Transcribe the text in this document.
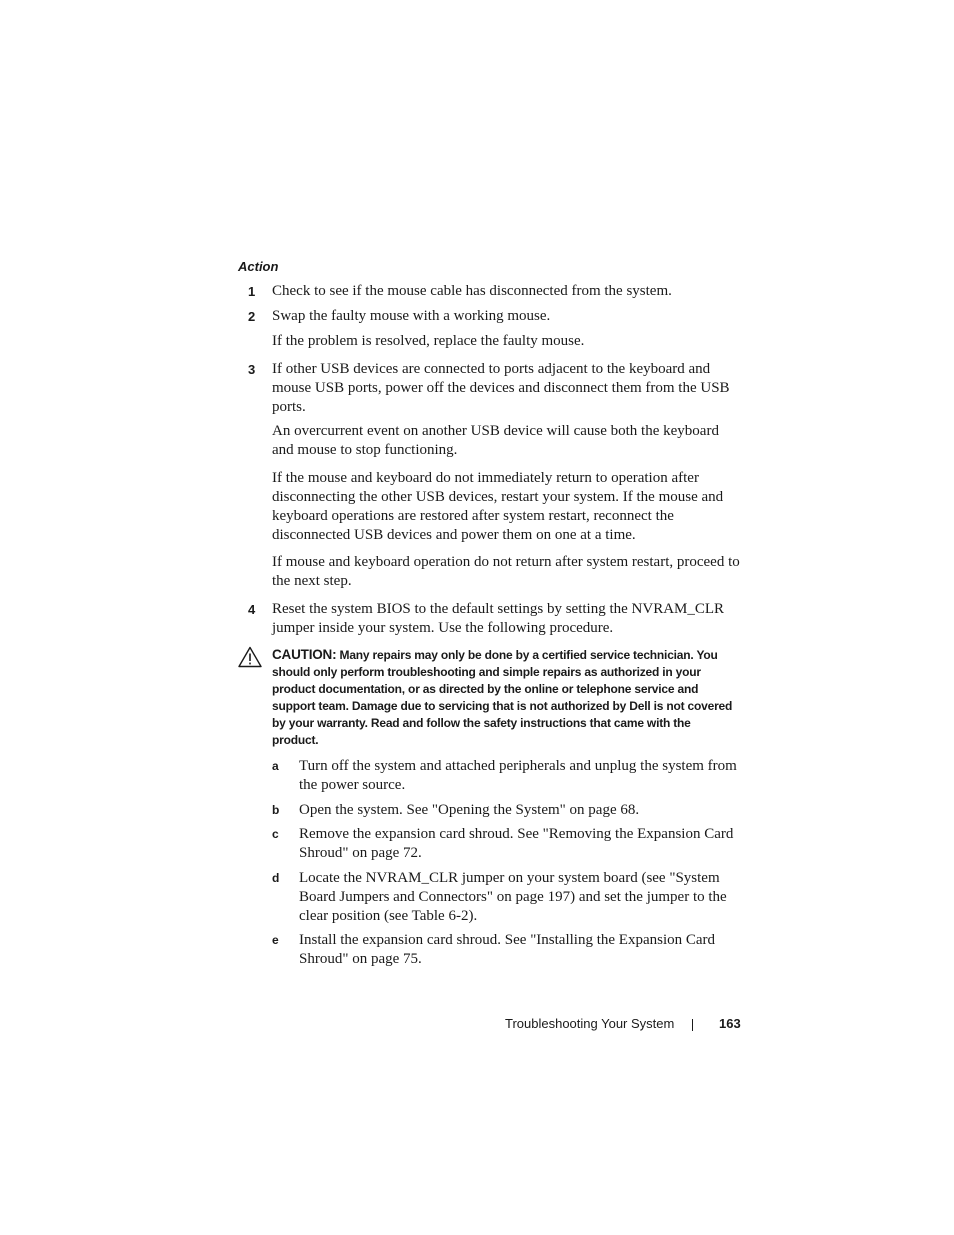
Action
1 Check to see if the mouse cable has disconnected from the system.
2 Swap the faulty mouse with a working mouse.
If the problem is resolved, replace the faulty mouse.
3 If other USB devices are connected to ports adjacent to the keyboard and mouse USB ports, power off the devices and disconnect them from the USB ports.
An overcurrent event on another USB device will cause both the keyboard and mouse to stop functioning.
If the mouse and keyboard do not immediately return to operation after disconnecting the other USB devices, restart your system. If the mouse and keyboard operations are restored after system restart, reconnect the disconnected USB devices and power them on one at a time.
If mouse and keyboard operation do not return after system restart, proceed to the next step.
4 Reset the system BIOS to the default settings by setting the NVRAM_CLR jumper inside your system. Use the following procedure.
CAUTION: Many repairs may only be done by a certified service technician. You should only perform troubleshooting and simple repairs as authorized in your product documentation, or as directed by the online or telephone service and support team. Damage due to servicing that is not authorized by Dell is not covered by your warranty. Read and follow the safety instructions that came with the product.
a Turn off the system and attached peripherals and unplug the system from the power source.
b Open the system. See "Opening the System" on page 68.
c Remove the expansion card shroud. See "Removing the Expansion Card Shroud" on page 72.
d Locate the NVRAM_CLR jumper on your system board (see "System Board Jumpers and Connectors" on page 197) and set the jumper to the clear position (see Table 6-2).
e Install the expansion card shroud. See "Installing the Expansion Card Shroud" on page 75.
Troubleshooting Your System	163
